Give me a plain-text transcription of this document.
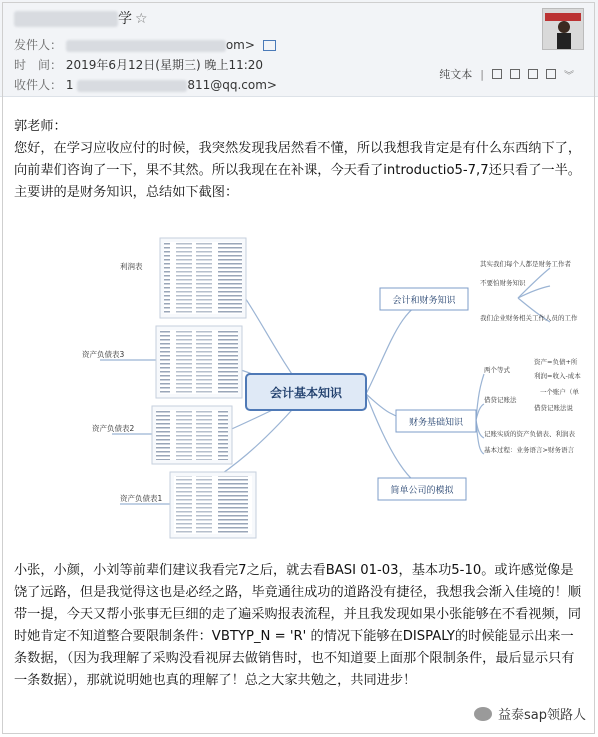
学 ☆
发件人：	om>
时　间： 2019年6月12日(星期三) 晚上11:20
收件人： 1	811@qq.com>
纯文本 |	︾
郭老师：
您好，在学习应收应付的时候，我突然发现我居然看不懂，所以我想我肯定是有什么东西纳下了，向前辈们咨询了一下，果不其然。所以我现在在补课，今天看了introductio5-7,7还只看了一半。主要讲的是财务知识，总结如下截图：
利润表
资产负债表3
资产负债表2
资产负债表1
会计基本知识
会计和财务知识
财务基础知识
简单公司的模拟
其实我们每个人都是财务工作者
不要怕财务知识
我们企业财务相关工作人员的工作
两个等式
借贷记账法
记账实质的资产负债表、利润表
基本过程：业务语言>财务语言
资产=负债+所
利润=收入-成本
一个账户（单
借贷记账法说
小张，小颜，小刘等前辈们建议我看完7之后，就去看BASI 01-03，基本功5-10。或许感觉像是饶了远路，但是我觉得这也是必经之路，毕竟通往成功的道路没有捷径，我想我会渐入佳境的！顺带一提，今天又帮小张事无巨细的走了遍采购报表流程，并且我发现如果小张能够在不看视频，同时她肯定不知道整合要限制条件：VBTYP_N = 'R' 的情况下能够在DISPALY的时候能显示出来一条数据，（因为我理解了采购没看视屏去做销售时，也不知道要上面那个限制条件，最后显示只有一条数据），那就说明她也真的理解了！总之大家共勉之，共同进步！
益泰sap领路人
